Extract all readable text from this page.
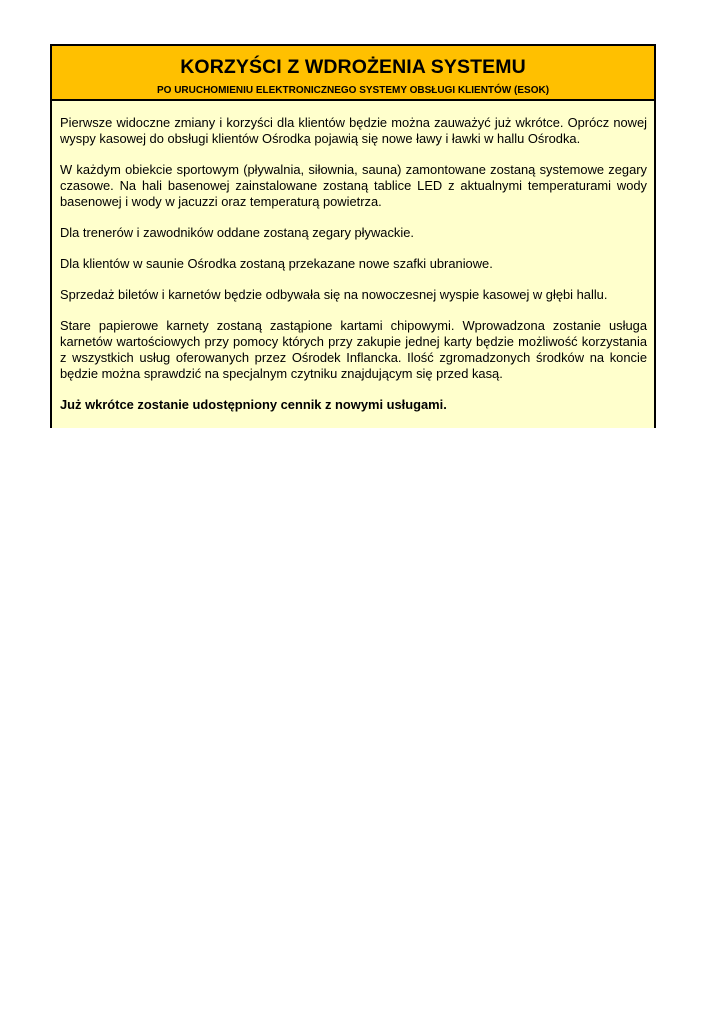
KORZYŚCI Z WDROŻENIA SYSTEMU
PO URUCHOMIENIU ELEKTRONICZNEGO SYSTEMY OBSŁUGI KLIENTÓW (ESOK)

Pierwsze widoczne zmiany i korzyści dla klientów będzie można zauważyć już wkrótce. Oprócz nowej wyspy kasowej do obsługi klientów Ośrodka pojawią się nowe ławy i ławki w hallu Ośrodka.

W każdym obiekcie sportowym (pływalnia, siłownia, sauna) zamontowane zostaną systemowe zegary czasowe. Na hali basenowej zainstalowane zostaną tablice LED z aktualnymi temperaturami wody basenowej i wody w jacuzzi oraz temperaturą powietrza.

Dla trenerów i zawodników oddane zostaną zegary pływackie.

Dla klientów w saunie Ośrodka zostaną przekazane nowe szafki ubraniowe.

Sprzedaż biletów i karnetów będzie odbywała się na nowoczesnej wyspie kasowej w głębi hallu.

Stare papierowe karnety zostaną zastąpione kartami chipowymi. Wprowadzona zostanie usługa karnetów wartościowych przy pomocy których przy zakupie jednej karty będzie możliwość korzystania z wszystkich usług oferowanych przez Ośrodek Inflancka. Ilość zgromadzonych środków na koncie będzie można sprawdzić na specjalnym czytniku znajdującym się przed kasą.

Już wkrótce zostanie udostępniony cennik z nowymi usługami.
